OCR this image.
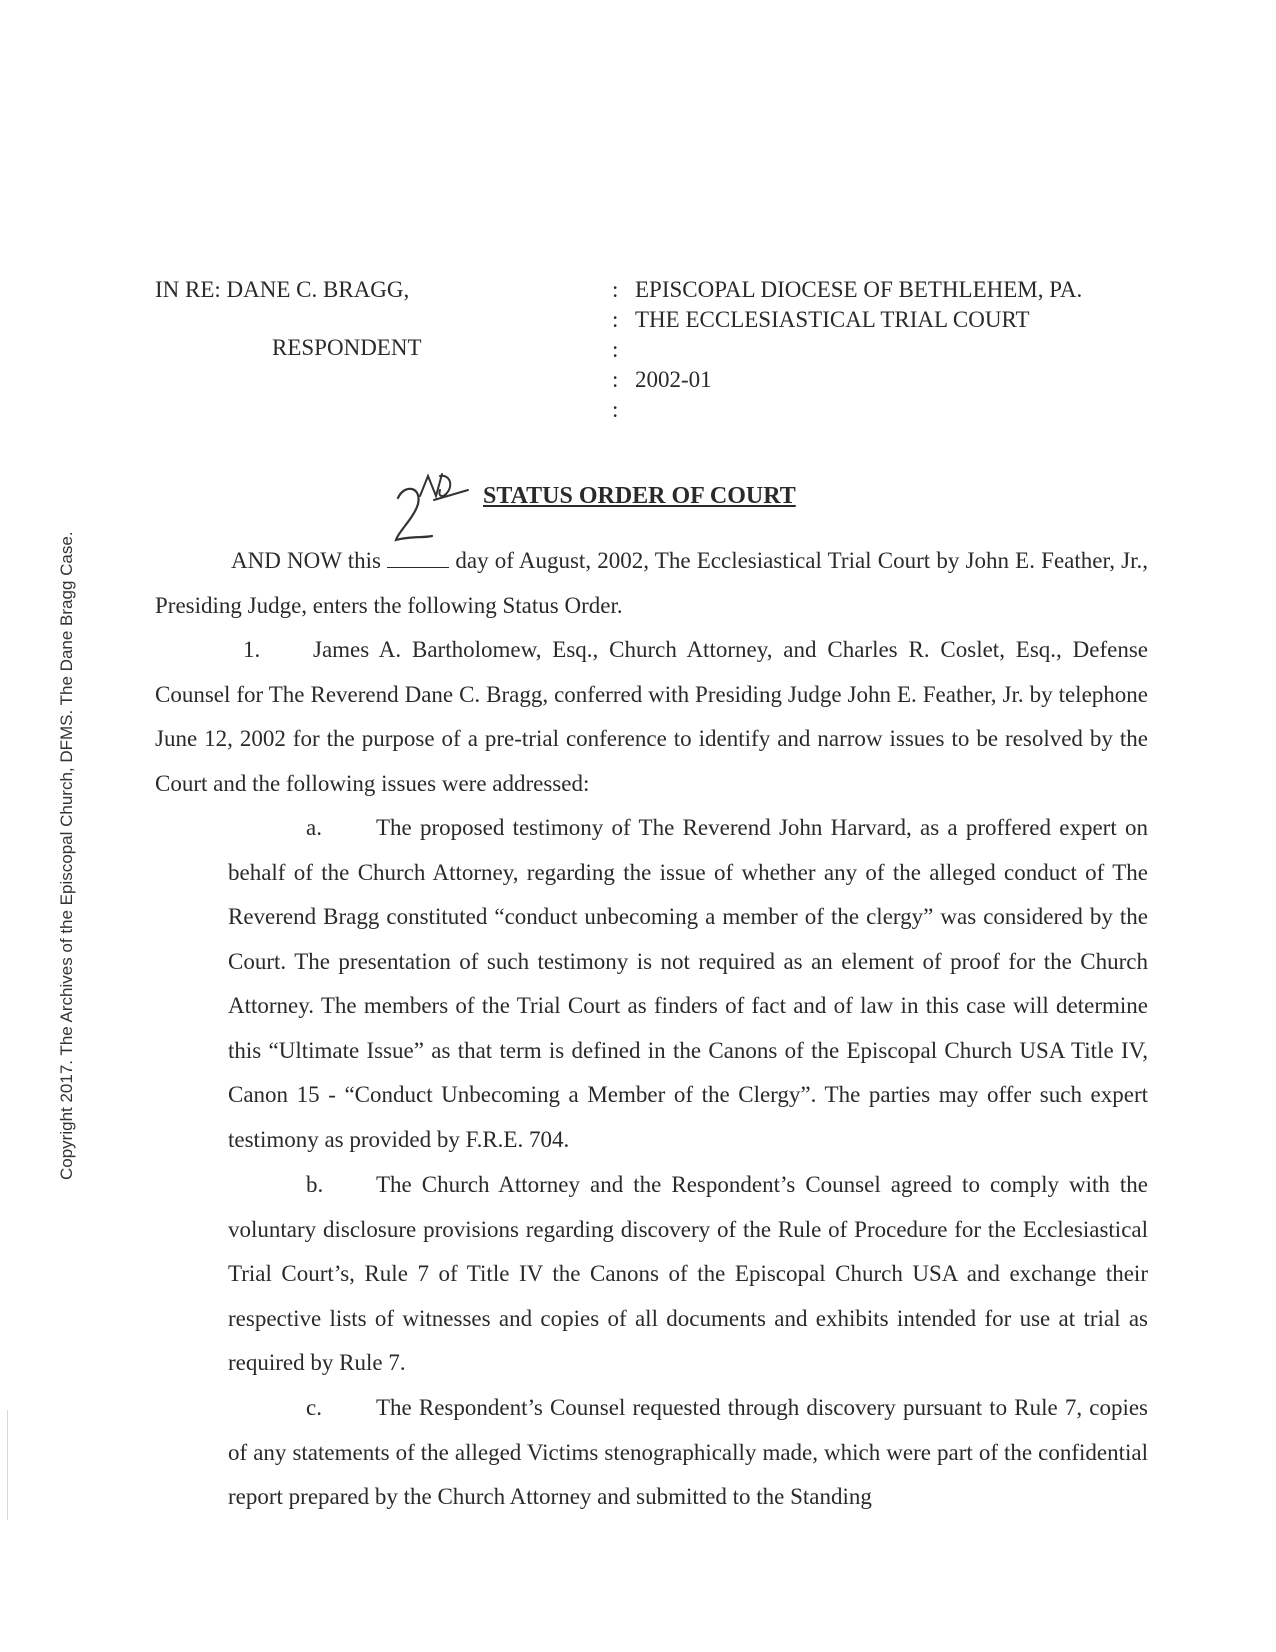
Copyright 2017. The Archives of the Episcopal Church, DFMS. The Dane Bragg Case.
IN RE: DANE C. BRAGG,
RESPONDENT
:
:
:
:
:
EPISCOPAL DIOCESE OF BETHLEHEM, PA.
THE ECCLESIASTICAL TRIAL COURT
2002-01
STATUS ORDER OF COURT
AND NOW this	day of August, 2002, The Ecclesiastical Trial Court by John E. Feather, Jr., Presiding Judge, enters the following Status Order.
1. James A. Bartholomew, Esq., Church Attorney, and Charles R. Coslet, Esq., Defense Counsel for The Reverend Dane C. Bragg, conferred with Presiding Judge John E. Feather, Jr. by telephone June 12, 2002 for the purpose of a pre-trial conference to identify and narrow issues to be resolved by the Court and the following issues were addressed:
a. The proposed testimony of The Reverend John Harvard, as a proffered expert on behalf of the Church Attorney, regarding the issue of whether any of the alleged conduct of The Reverend Bragg constituted “conduct unbecoming a member of the clergy” was considered by the Court. The presentation of such testimony is not required as an element of proof for the Church Attorney. The members of the Trial Court as finders of fact and of law in this case will determine this “Ultimate Issue” as that term is defined in the Canons of the Episcopal Church USA Title IV, Canon 15 - “Conduct Unbecoming a Member of the Clergy”. The parties may offer such expert testimony as provided by F.R.E. 704.
b. The Church Attorney and the Respondent’s Counsel agreed to comply with the voluntary disclosure provisions regarding discovery of the Rule of Procedure for the Ecclesiastical Trial Court’s, Rule 7 of Title IV the Canons of the Episcopal Church USA and exchange their respective lists of witnesses and copies of all documents and exhibits intended for use at trial as required by Rule 7.
c. The Respondent’s Counsel requested through discovery pursuant to Rule 7, copies of any statements of the alleged Victims stenographically made, which were part of the confidential report prepared by the Church Attorney and submitted to the Standing
